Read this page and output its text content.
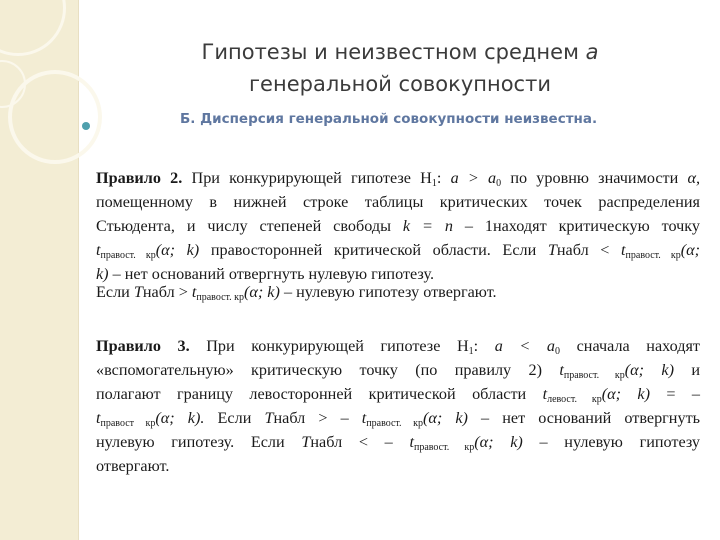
Гипотезы и неизвестном среднем а
генеральной совокупности
Б. Дисперсия генеральной совокупности неизвестна.
Правило 2. При конкурирующей гипотезе $Н_1$: $а > а_0$ по уровню значимости α,
помещенному в нижней строке таблицы критических точек распределения
Стьюдента, и числу степеней свободы k = n – 1находят критическую точку
$t_{правост. кр}(\alpha$; k) правосторонней критической области. Если Тнабл < $t_{правост. кр}(\alpha$;
k) – нет оснований отвергнуть нулевую гипотезу.
Если Тнабл > $t_{правост. кр}(\alpha$; k) – нулевую гипотезу отвергают.
Правило 3. При конкурирующей гипотезе $Н_1$: $а < а_0$ сначала находят
«вспомогательную» критическую точку (по правилу 2) $t_{правост. кр}(\alpha$; k) и
полагают границу левосторонней критической области $t_{левост. кр}(\alpha$; k) = –
$t_{правост кр}(\alpha$; k). Если Тнабл > – $t_{правост. кр}(\alpha$; k) – нет оснований отвергнуть
нулевую гипотезу. Если Тнабл < – $t_{правост. кр}(\alpha$; k) – нулевую гипотезу
отвергают.
